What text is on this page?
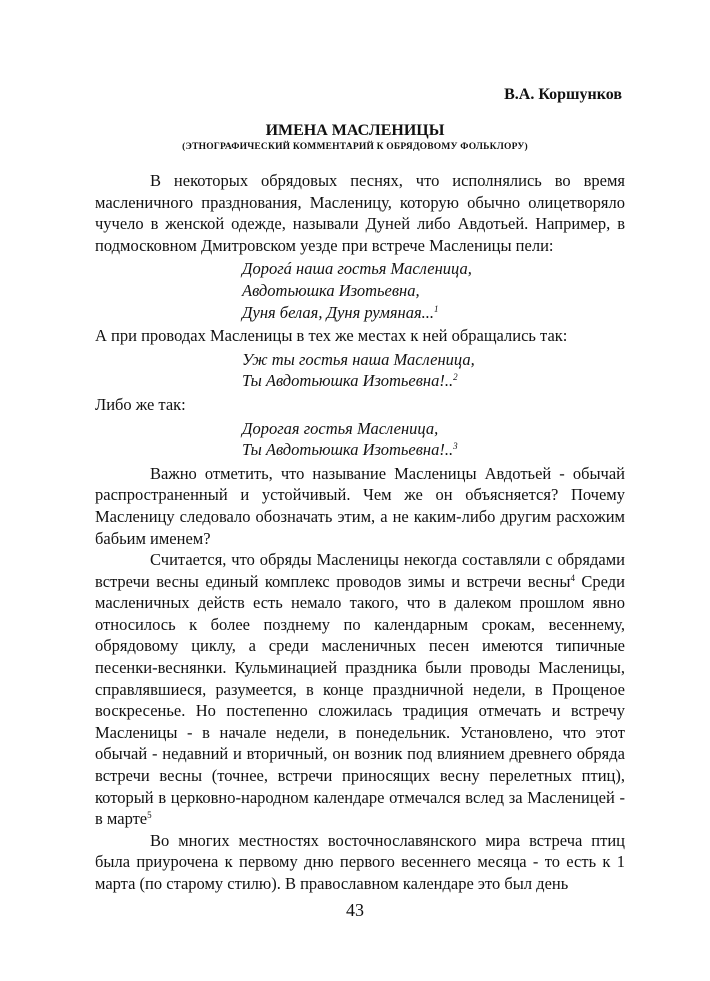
В.А. Коршунков
ИМЕНА МАСЛЕНИЦЫ
(ЭТНОГРАФИЧЕСКИЙ КОММЕНТАРИЙ К ОБРЯДОВОМУ ФОЛЬКЛОРУ)

В некоторых обрядовых песнях, что исполнялись во время масленичного празднования, Масленицу, которую обычно олицетворяло чучело в женской одежде, называли Дуней либо Авдотьей. Например, в подмосковном Дмитровском уезде при встрече Масленицы пели:

Дорогá наша гостья Масленица,
Авдотьюшка Изотьевна,
Дуня белая, Дуня румяная...$^1$

А при проводах Масленицы в тех же местах к ней обращались так:

Уж ты гостья наша Масленица,
Ты Авдотьюшка Изотьевна!..$^2$

Либо же так:

Дорогая гостья Масленица,
Ты Авдотьюшка Изотьевна!..$^3$

Важно отметить, что называние Масленицы Авдотьей - обычай распространенный и устойчивый. Чем же он объясняется? Почему Масленицу следовало обозначать этим, а не каким-либо другим расхожим бабьим именем?

Считается, что обряды Масленицы некогда составляли с обрядами встречи весны единый комплекс проводов зимы и встречи весны$^4$ Среди масленичных действ есть немало такого, что в далеком прошлом явно относилось к более позднему по календарным срокам, весеннему, обрядовому циклу, а среди масленичных песен имеются типичные песенки-веснянки. Кульминацией праздника были проводы Масленицы, справлявшиеся, разумеется, в конце праздничной недели, в Прощеное воскресенье. Но постепенно сложилась традиция отмечать и встречу Масленицы - в начале недели, в понедельник. Установлено, что этот обычай - недавний и вторичный, он возник под влиянием древнего обряда встречи весны (точнее, встречи приносящих весну перелетных птиц), который в церковно-народном календаре отмечался вслед за Масленицей - в марте$^5$

Во многих местностях восточнославянского мира встреча птиц была приурочена к первому дню первого весеннего месяца - то есть к 1 марта (по старому стилю). В православном календаре это был день

43
